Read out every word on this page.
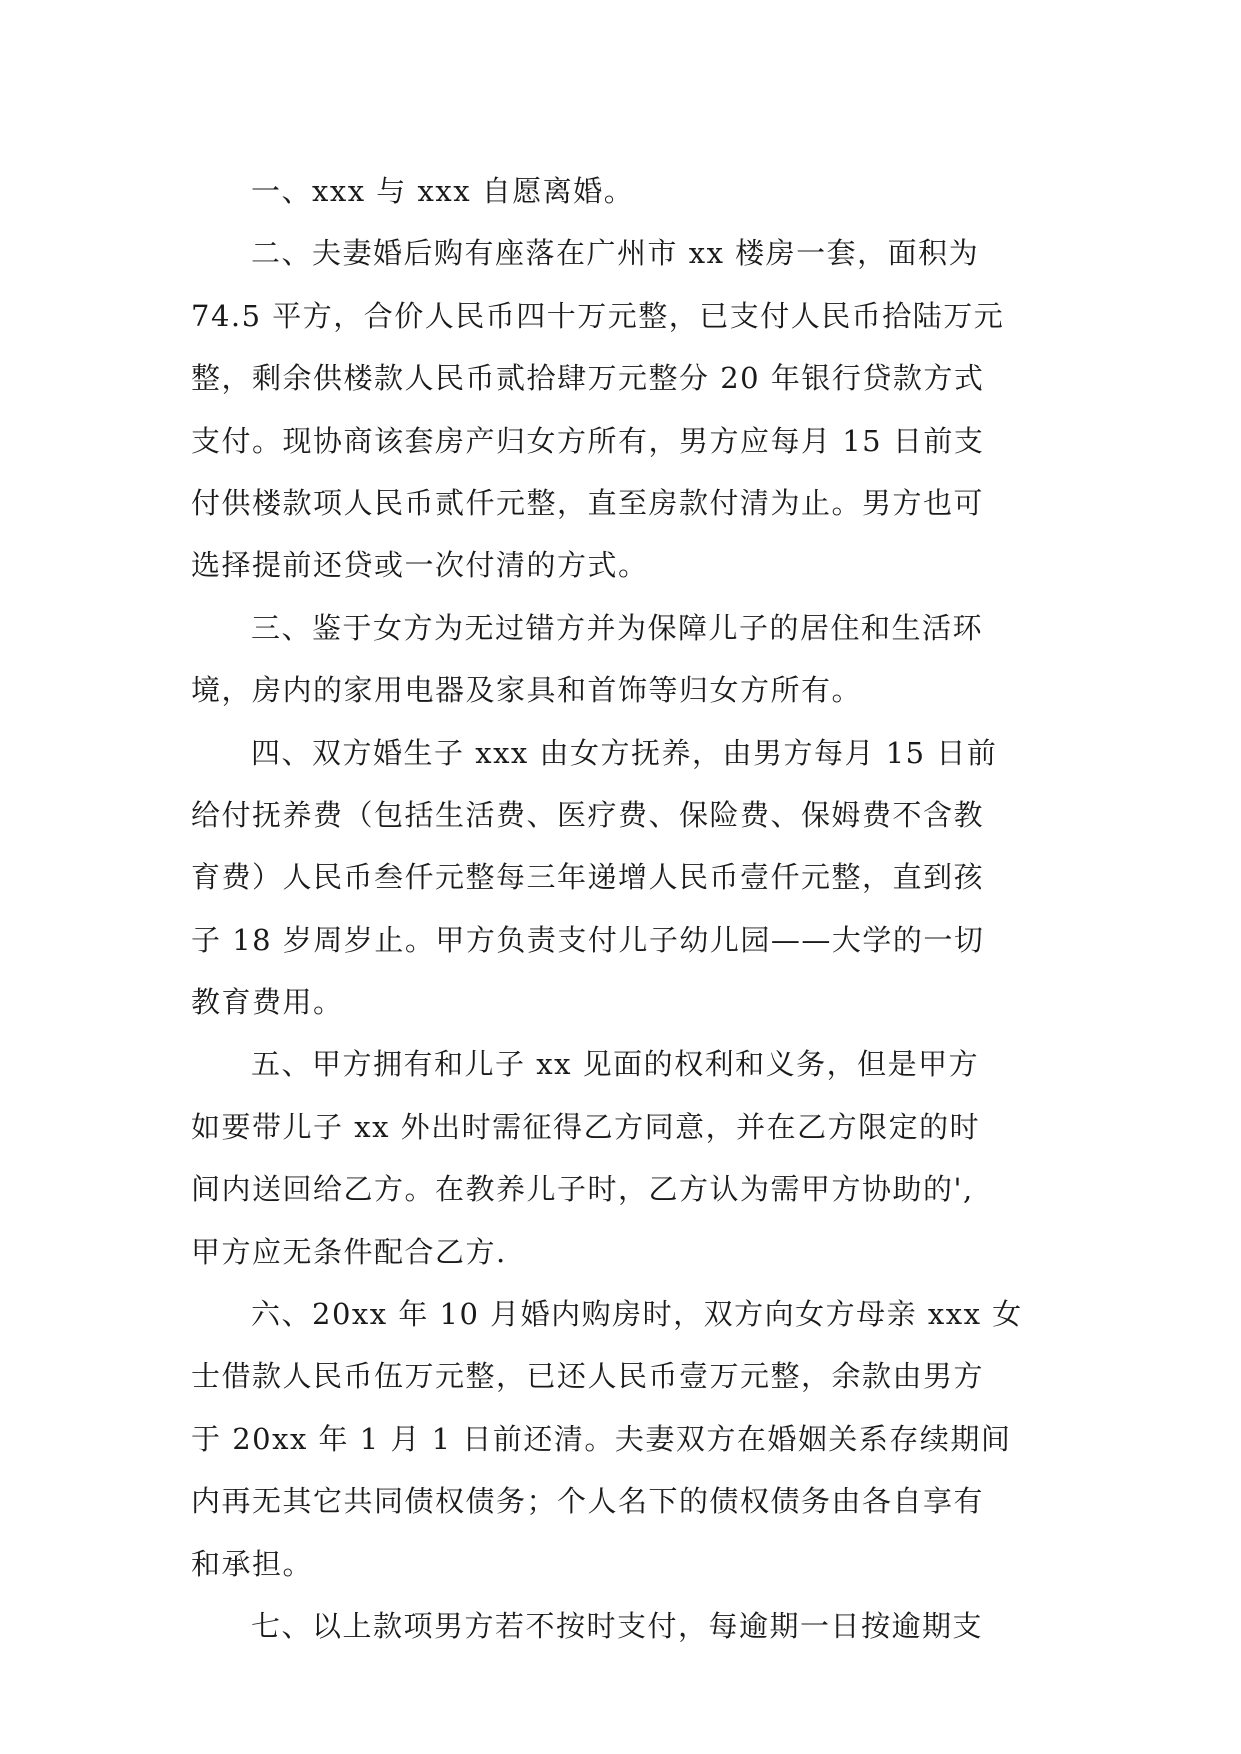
一、xxx 与 xxx 自愿离婚。
二、夫妻婚后购有座落在广州市 xx 楼房一套，面积为
74.5 平方，合价人民币四十万元整，已支付人民币拾陆万元
整，剩余供楼款人民币贰拾肆万元整分 20 年银行贷款方式
支付。现协商该套房产归女方所有，男方应每月 15 日前支
付供楼款项人民币贰仟元整，直至房款付清为止。男方也可
选择提前还贷或一次付清的方式。
三、鉴于女方为无过错方并为保障儿子的居住和生活环
境，房内的家用电器及家具和首饰等归女方所有。
四、双方婚生子 xxx 由女方抚养，由男方每月 15 日前
给付抚养费（包括生活费、医疗费、保险费、保姆费不含教
育费）人民币叁仟元整每三年递增人民币壹仟元整，直到孩
子 18 岁周岁止。甲方负责支付儿子幼儿园——大学的一切
教育费用。
五、甲方拥有和儿子 xx 见面的权利和义务，但是甲方
如要带儿子 xx 外出时需征得乙方同意，并在乙方限定的时
间内送回给乙方。在教养儿子时，乙方认为需甲方协助的',
甲方应无条件配合乙方.
六、20xx 年 10 月婚内购房时，双方向女方母亲 xxx 女
士借款人民币伍万元整，已还人民币壹万元整，余款由男方
于 20xx 年 1 月 1 日前还清。夫妻双方在婚姻关系存续期间
内再无其它共同债权债务；个人名下的债权债务由各自享有
和承担。
七、以上款项男方若不按时支付，每逾期一日按逾期支
